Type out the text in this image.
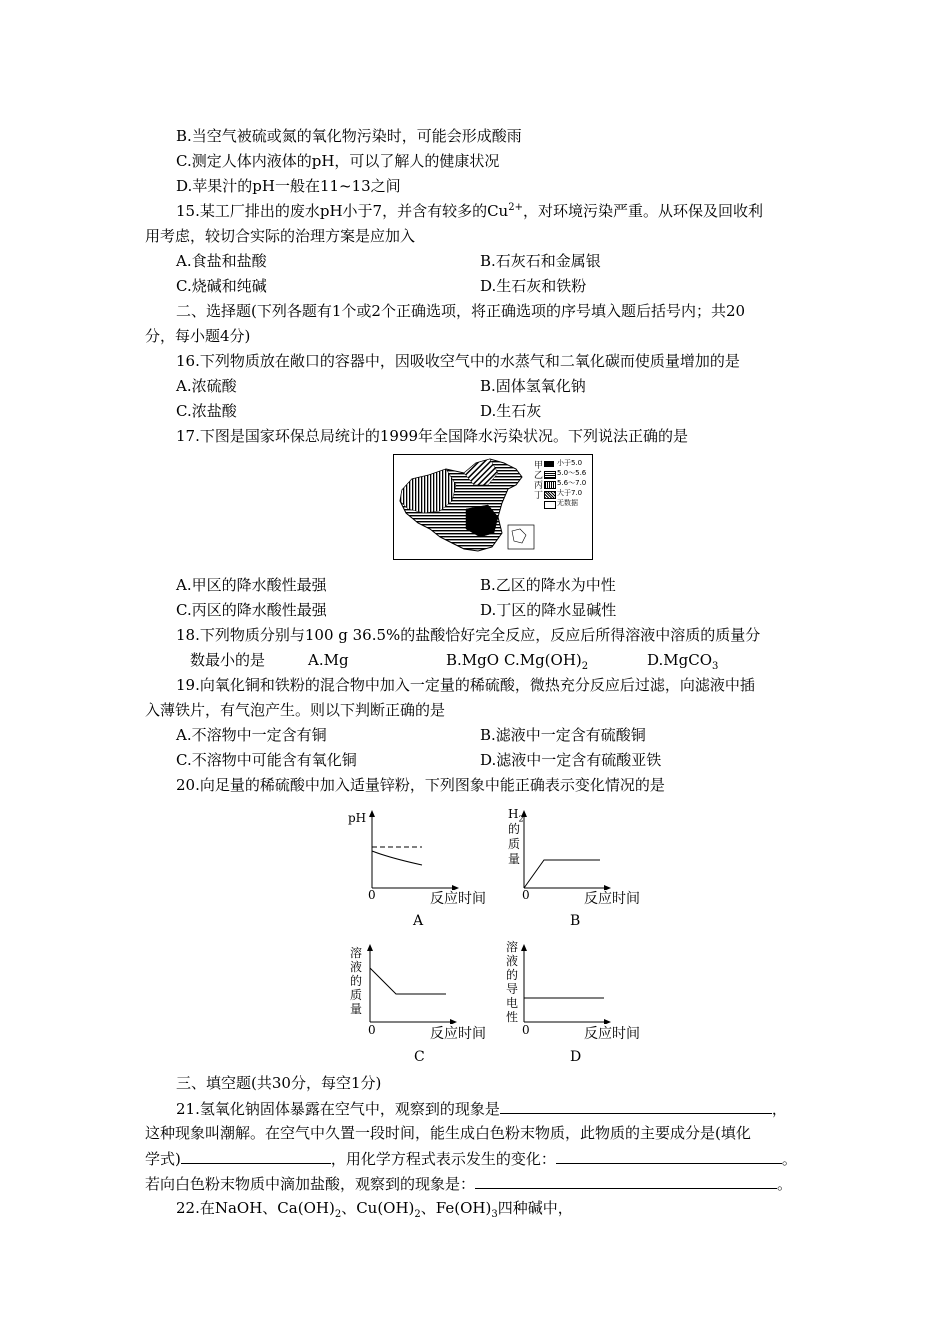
B.当空气被硫或氮的氧化物污染时，可能会形成酸雨
C.测定人体内液体的pH，可以了解人的健康状况
D.苹果汁的pH一般在11~13之间
15.某工厂排出的废水pH小于7，并含有较多的$Cu^{2+}$，对环境污染严重。从环保及回收利
用考虑，较切合实际的治理方案是应加入
A.食盐和盐酸	B.石灰石和金属银
C.烧碱和纯碱	D.生石灰和铁粉
二、选择题(下列各题有1个或2个正确选项，将正确选项的序号填入题后括号内；共20
分，每小题4分)
16.下列物质放在敞口的容器中，因吸收空气中的水蒸气和二氧化碳而使质量增加的是
A.浓硫酸	B.固体氢氧化钠
C.浓盐酸	D.生石灰
17.下图是国家环保总局统计的1999年全国降水污染状况。下列说法正确的是
甲 小于5.0
乙 5.0～5.6
丙 5.6～7.0
丁 大于7.0
无数据
A.甲区的降水酸性最强	B.乙区的降水为中性
C.丙区的降水酸性最强	D.丁区的降水显碱性
18.下列物质分别与100 g 36.5%的盐酸恰好完全反应，反应后所得溶液中溶质的质量分
数最小的是	A.Mg	B.MgO $C.Mg(OH)_2$	D.MgCO$_3$
19.向氧化铜和铁粉的混合物中加入一定量的稀硫酸，微热充分反应后过滤，向滤液中插
入薄铁片，有气泡产生。则以下判断正确的是
A.不溶物中一定含有铜	B.滤液中一定含有硫酸铜
C.不溶物中可能含有氧化铜	D.滤液中一定含有硫酸亚铁
20.向足量的稀硫酸中加入适量锌粉，下列图象中能正确表示变化情况的是
pH
0	反应时间
A
$H_2$
的
质
量
0	反应时间
B
溶
液
的
质
量
0	反应时间
C
溶
液
的
导
电
性
0	反应时间
D
三、填空题(共30分，每空1分)
21.氢氧化钠固体暴露在空气中，观察到的现象是	，
这种现象叫潮解。在空气中久置一段时间，能生成白色粉末物质，此物质的主要成分是(填化
学式)	，用化学方程式表示发生的变化：	。
若向白色粉末物质中滴加盐酸，观察到的现象是：	。
22.在NaOH、$Ca(OH)_2$、$Cu(OH)_2$、$Fe(OH)_3$四种碱中，
